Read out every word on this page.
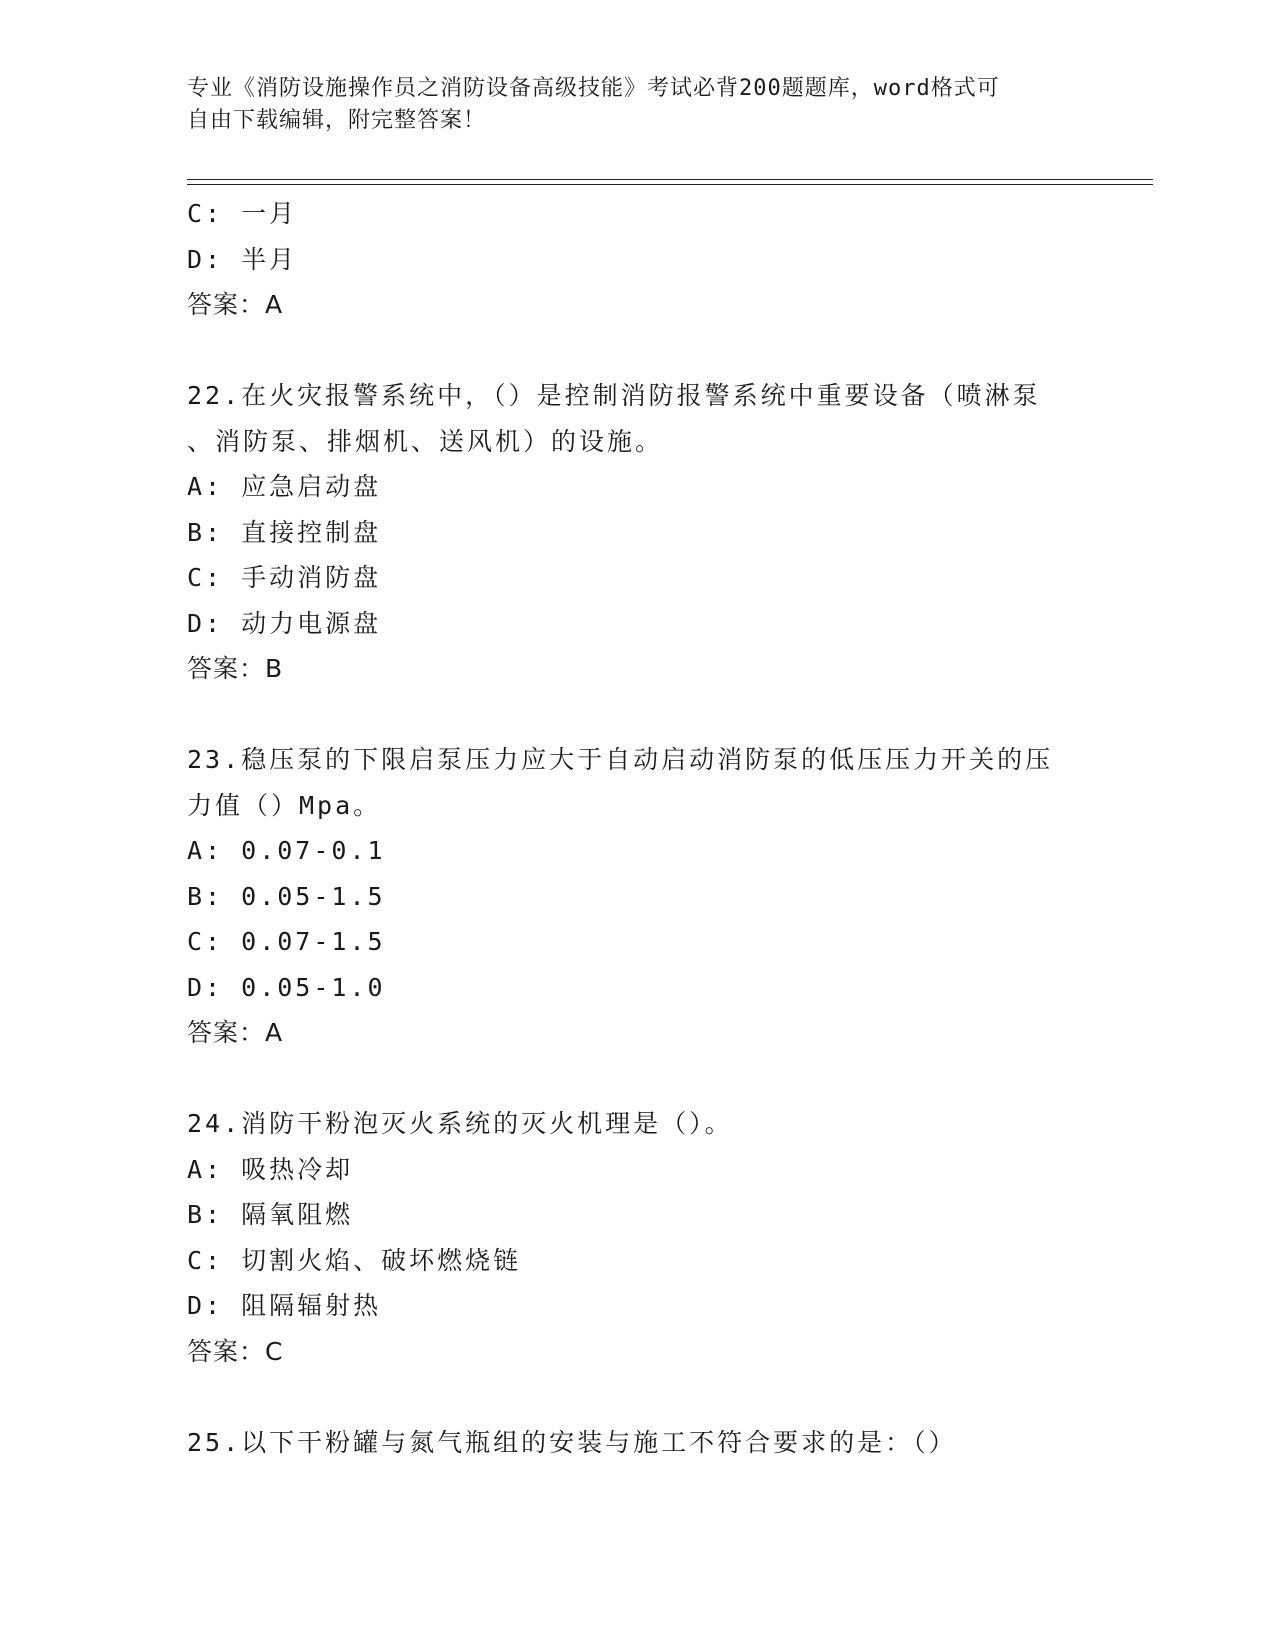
专业《消防设施操作员之消防设备高级技能》考试必背200题题库，word格式可
自由下载编辑，附完整答案！
C: 一月
D: 半月
答案：A
22.在火灾报警系统中，（）是控制消防报警系统中重要设备（喷淋泵
、消防泵、排烟机、送风机）的设施。
A: 应急启动盘
B: 直接控制盘
C: 手动消防盘
D: 动力电源盘
答案：B
23.稳压泵的下限启泵压力应大于自动启动消防泵的低压压力开关的压
力值（）Mpa。
A: 0.07-0.1
B: 0.05-1.5
C: 0.07-1.5
D: 0.05-1.0
答案：A
24.消防干粉泡灭火系统的灭火机理是（）。
A: 吸热冷却
B: 隔氧阻燃
C: 切割火焰、破坏燃烧链
D: 阻隔辐射热
答案：C
25.以下干粉罐与氮气瓶组的安装与施工不符合要求的是：（）
